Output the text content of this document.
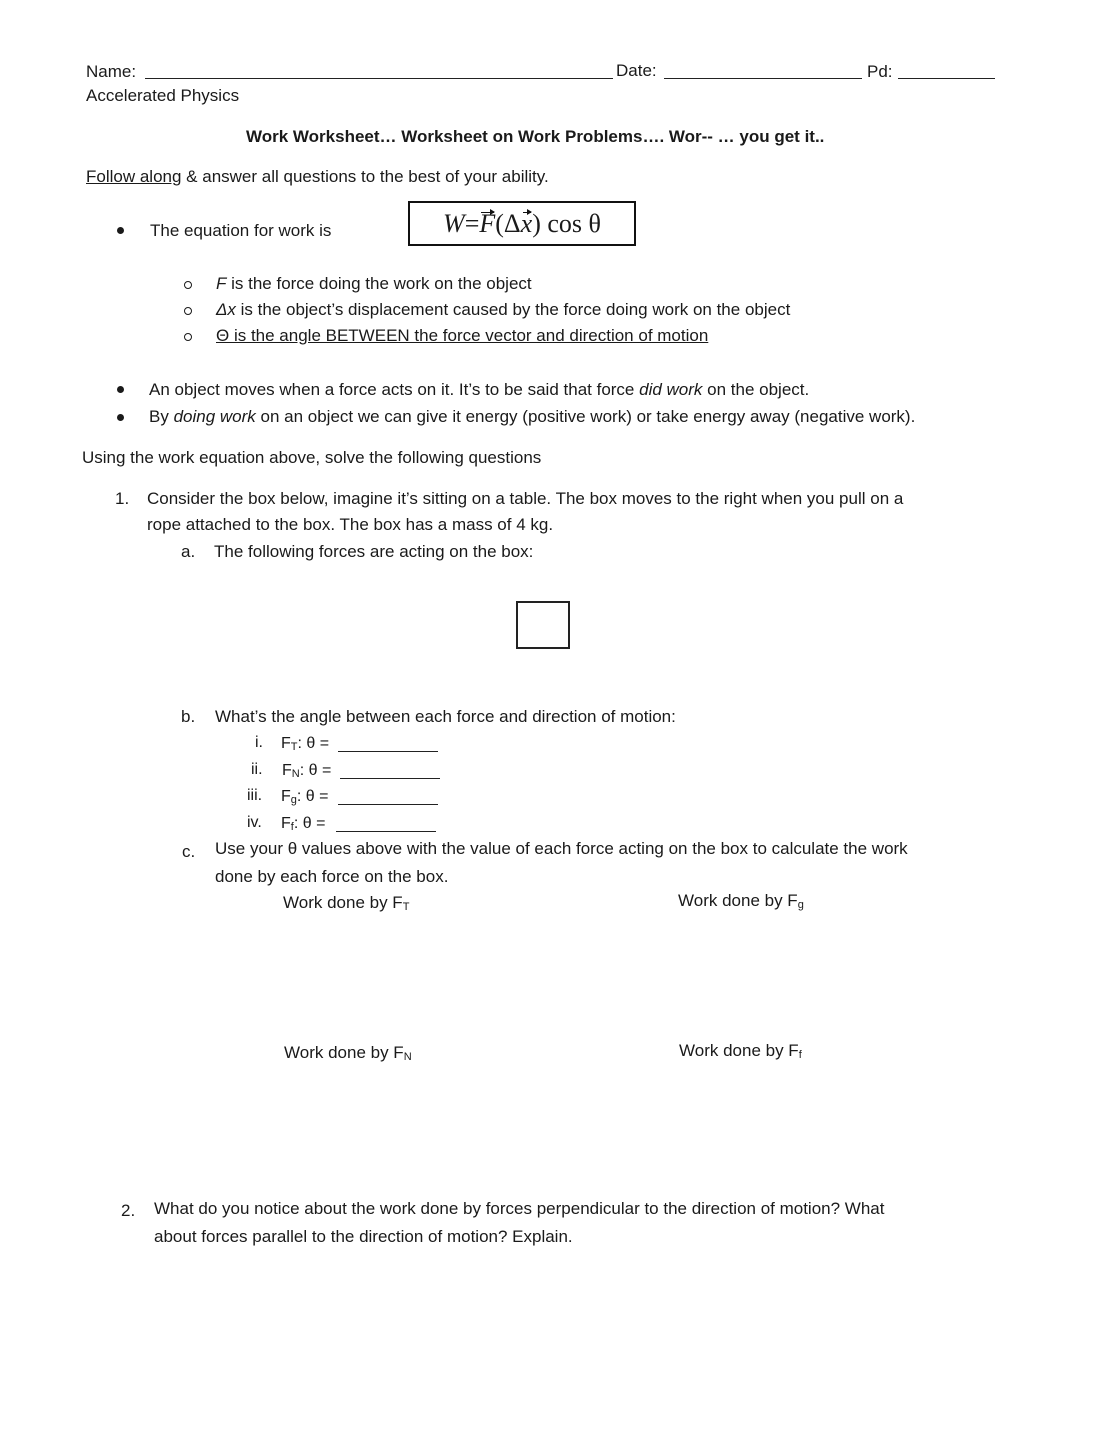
Name:	Date:	Pd:
Accelerated Physics
Work Worksheet… Worksheet on Work Problems…. Wor-- … you get it..
Follow along & answer all questions to the best of your ability.
The equation for work is	W = F (Δ x ) cos θ
F is the force doing the work on the object
Δx is the object’s displacement caused by the force doing work on the object
Θ is the angle BETWEEN the force vector and direction of motion
An object moves when a force acts on it. It’s to be said that force did work on the object.
By doing work on an object we can give it energy (positive work) or take energy away (negative work).
Using the work equation above, solve the following questions
1. Consider the box below, imagine it’s sitting on a table. The box moves to the right when you pull on a
rope attached to the box. The box has a mass of 4 kg.
a. The following forces are acting on the box:
b. What’s the angle between each force and direction of motion:
i. $F_T$: θ =
ii. $F_N$: θ =
iii. $F_g$: θ =
iv. $F_f$: θ =
c. Use your θ values above with the value of each force acting on the box to calculate the work
done by each force on the box.
Work done by $F_T$	Work done by $F_g$
Work done by $F_N$	Work done by $F_f$
2. What do you notice about the work done by forces perpendicular to the direction of motion? What
about forces parallel to the direction of motion? Explain.
